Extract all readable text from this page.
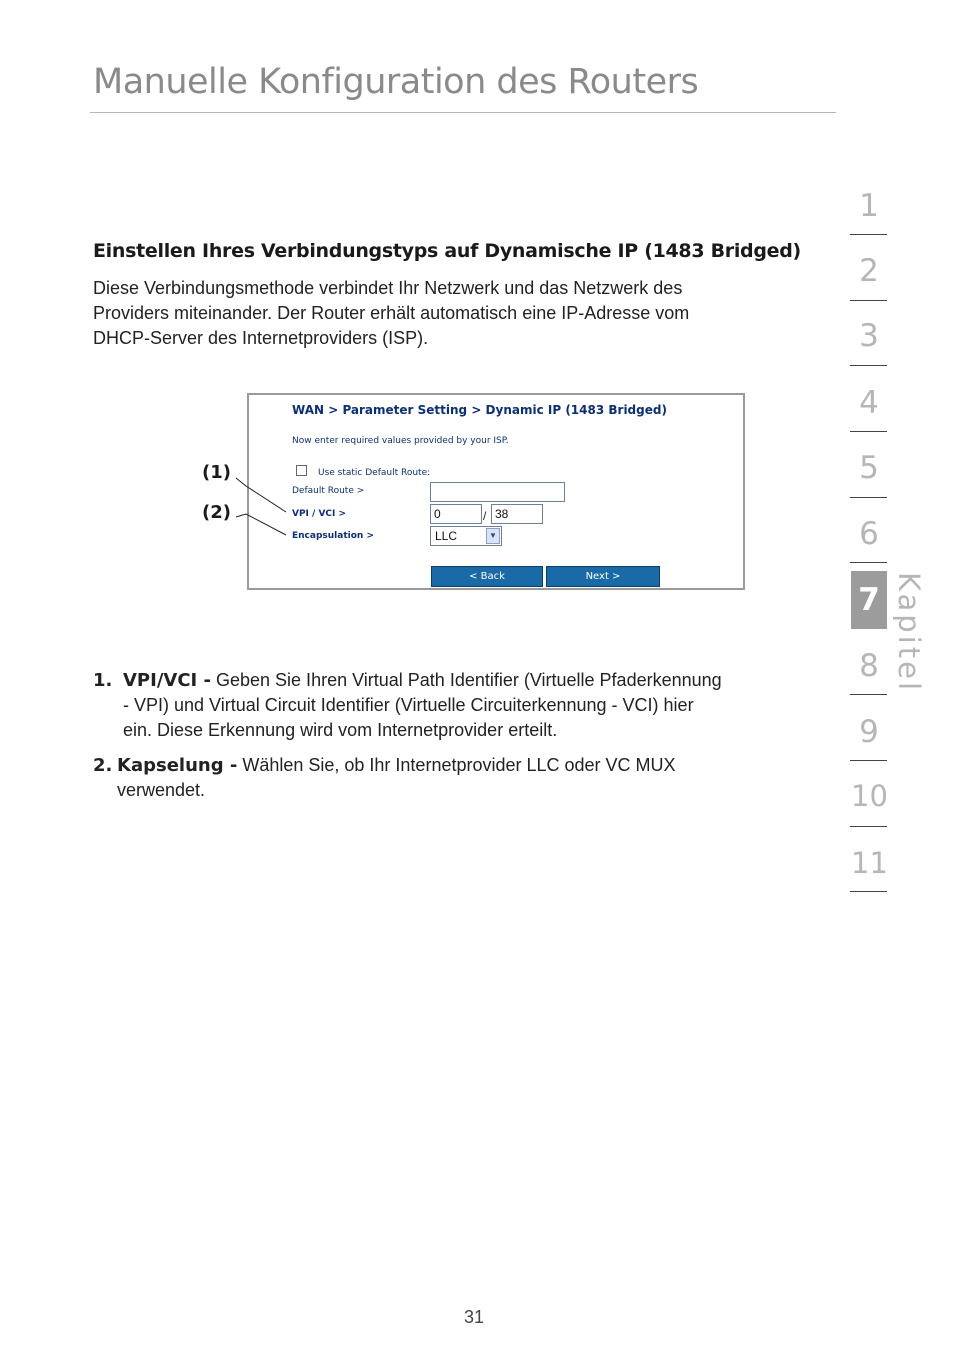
Manuelle Konfiguration des Routers
Einstellen Ihres Verbindungstyps auf Dynamische IP (1483 Bridged)
Diese Verbindungsmethode verbindet Ihr Netzwerk und das Netzwerk des
Providers miteinander. Der Router erhält automatisch eine IP-Adresse vom
DHCP-Server des Internetproviders (ISP).
WAN > Parameter Setting > Dynamic IP (1483 Bridged)
Now enter required values provided by your ISP.
Use static Default Route:
Default Route >
VPI / VCI >	0	/ 38
Encapsulation >	LLC	▼
< Back	Next >
(1)
(2)
1. VPI/VCI - Geben Sie Ihren Virtual Path Identifier (Virtuelle Pfaderkennung
- VPI) und Virtual Circuit Identifier (Virtuelle Circuiterkennung - VCI) hier
ein. Diese Erkennung wird vom Internetprovider erteilt.
2. Kapselung - Wählen Sie, ob Ihr Internetprovider LLC oder VC MUX
verwendet.
31
1
2
3
4
5
6
7
8
9
10
11
Kapitel
